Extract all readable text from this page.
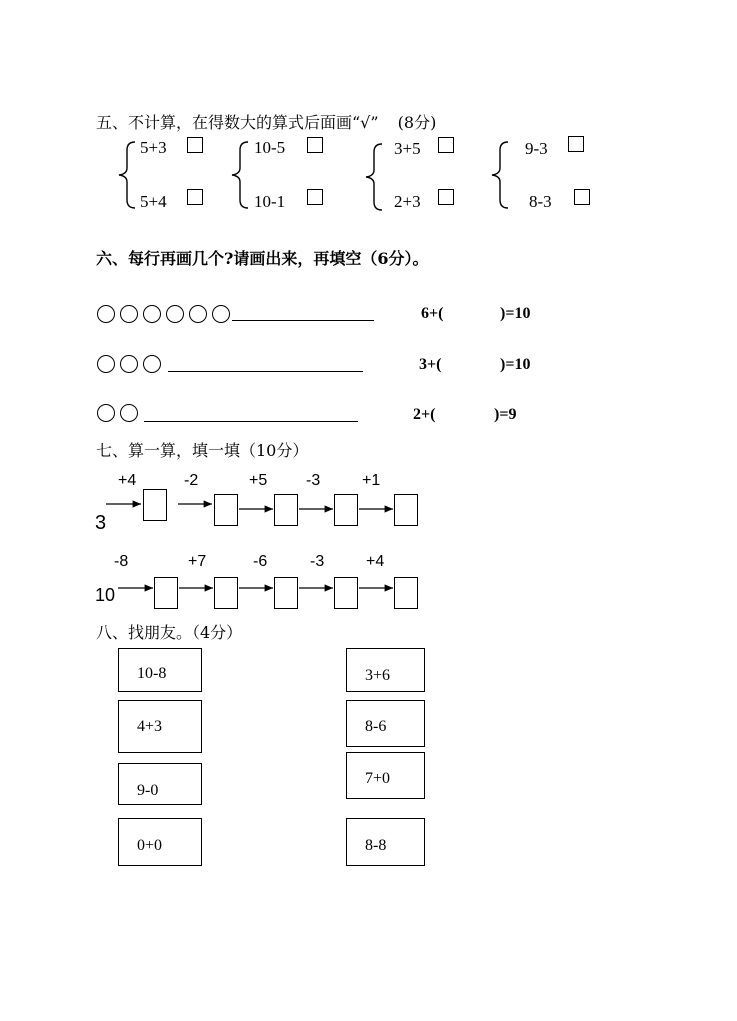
五、不计算，在得数大的算式后面画“√” (8分)
5+3
5+4
10-5
10-1
3+5
2+3
9-3
8-3
六、每行再画几个?请画出来，再填空（6分）。
6+(	)=10
3+(	)=10
2+(	)=9
七、算一算，填一填（10分）
3
+4	-2	+5 -3	+1
10
-8	+7	-6	-3	+4
八、找朋友。（4分）
10-8
4+3
9-0
0+0
3+6
8-6
7+0
8-8
